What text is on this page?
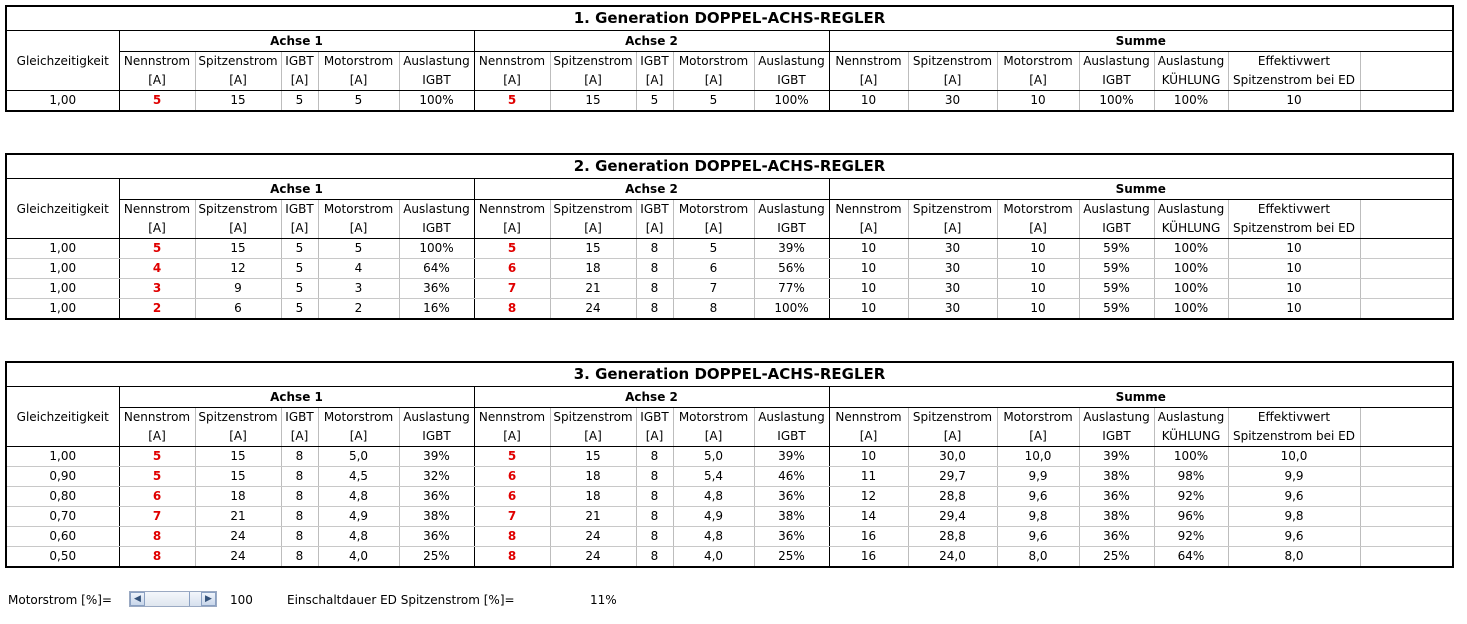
1. Generation DOPPEL-ACHS-REGLER																	
	Achse 1					Achse 2					Summe						
Gleichzeitigkeit	Nennstrom	Spitzenstrom	IGBT	Motorstrom	Auslastung	Nennstrom	Spitzenstrom	IGBT	Motorstrom	Auslastung	Nennstrom	Spitzenstrom	Motorstrom	Auslastung	Auslastung	Effektivwert	
	[A]	[A]	[A]	[A]	IGBT	[A]	[A]	[A]	[A]	IGBT	[A]	[A]	[A]	IGBT	KÜHLUNG	Spitzenstrom bei ED	
1,00	5	15	5	5	100%	5	15	5	5	100%	10	30	10	100%	100%	10	
2. Generation DOPPEL-ACHS-REGLER																	
	Achse 1					Achse 2					Summe						
Gleichzeitigkeit	Nennstrom	Spitzenstrom	IGBT	Motorstrom	Auslastung	Nennstrom	Spitzenstrom	IGBT	Motorstrom	Auslastung	Nennstrom	Spitzenstrom	Motorstrom	Auslastung	Auslastung	Effektivwert	
	[A]	[A]	[A]	[A]	IGBT	[A]	[A]	[A]	[A]	IGBT	[A]	[A]	[A]	IGBT	KÜHLUNG	Spitzenstrom bei ED	
1,00	5	15	5	5	100%	5	15	8	5	39%	10	30	10	59%	100%	10	
1,00	4	12	5	4	64%	6	18	8	6	56%	10	30	10	59%	100%	10	
1,00	3	9	5	3	36%	7	21	8	7	77%	10	30	10	59%	100%	10	
1,00	2	6	5	2	16%	8	24	8	8	100%	10	30	10	59%	100%	10	
3. Generation DOPPEL-ACHS-REGLER																	
	Achse 1					Achse 2					Summe						
Gleichzeitigkeit	Nennstrom	Spitzenstrom	IGBT	Motorstrom	Auslastung	Nennstrom	Spitzenstrom	IGBT	Motorstrom	Auslastung	Nennstrom	Spitzenstrom	Motorstrom	Auslastung	Auslastung	Effektivwert	
	[A]	[A]	[A]	[A]	IGBT	[A]	[A]	[A]	[A]	IGBT	[A]	[A]	[A]	IGBT	KÜHLUNG	Spitzenstrom bei ED	
1,00	5	15	8	5,0	39%	5	15	8	5,0	39%	10	30,0	10,0	39%	100%	10,0	
0,90	5	15	8	4,5	32%	6	18	8	5,4	46%	11	29,7	9,9	38%	98%	9,9	
0,80	6	18	8	4,8	36%	6	18	8	4,8	36%	12	28,8	9,6	36%	92%	9,6	
0,70	7	21	8	4,9	38%	7	21	8	4,9	38%	14	29,4	9,8	38%	96%	9,8	
0,60	8	24	8	4,8	36%	8	24	8	4,8	36%	16	28,8	9,6	36%	92%	9,6	
0,50	8	24	8	4,0	25%	8	24	8	4,0	25%	16	24,0	8,0	25%	64%	8,0	
Motorstrom [%]=	◀	▶	100	Einschaltdauer ED Spitzenstrom [%]=	11%
